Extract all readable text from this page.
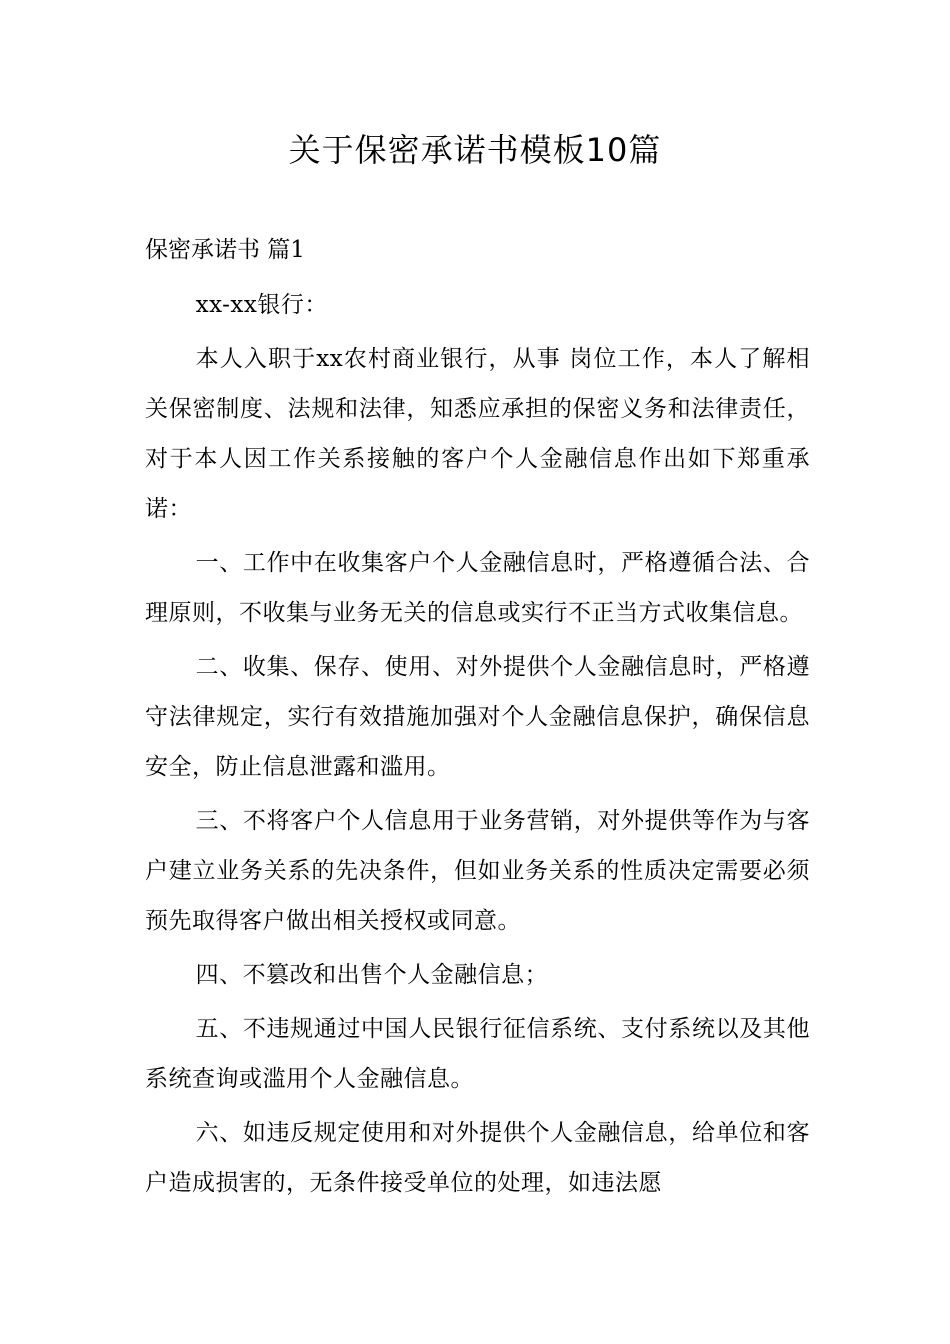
关于保密承诺书模板10篇

保密承诺书 篇1

xx-xx银行：

本人入职于xx农村商业银行，从事 岗位工作，本人了解相关保密制度、法规和法律，知悉应承担的保密义务和法律责任，对于本人因工作关系接触的客户个人金融信息作出如下郑重承诺：

一、工作中在收集客户个人金融信息时，严格遵循合法、合理原则，不收集与业务无关的信息或实行不正当方式收集信息。

二、收集、保存、使用、对外提供个人金融信息时，严格遵守法律规定，实行有效措施加强对个人金融信息保护，确保信息安全，防止信息泄露和滥用。

三、不将客户个人信息用于业务营销，对外提供等作为与客户建立业务关系的先决条件，但如业务关系的性质决定需要必须预先取得客户做出相关授权或同意。

四、不篡改和出售个人金融信息；

五、不违规通过中国人民银行征信系统、支付系统以及其他系统查询或滥用个人金融信息。

六、如违反规定使用和对外提供个人金融信息，给单位和客户造成损害的，无条件接受单位的处理，如违法愿
